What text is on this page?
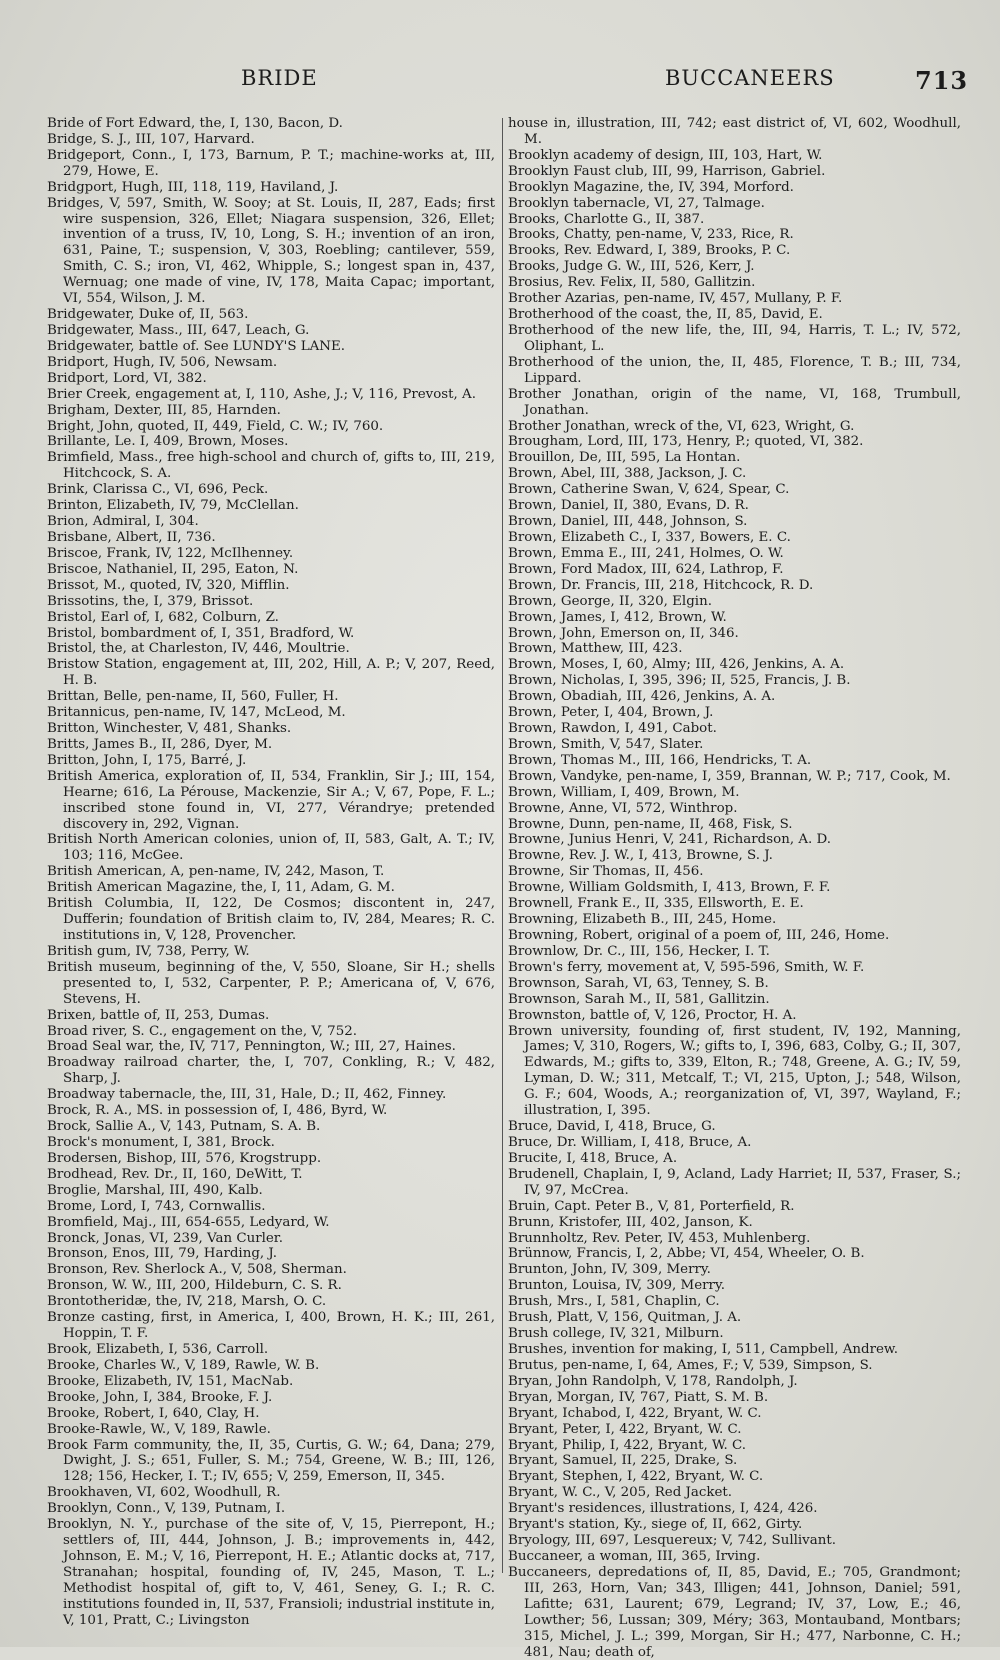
BRIDE	BUCCANEERS	713

Bride of Fort Edward, the, I, 130, Bacon, D.

Bridge, S. J., III, 107, Harvard.

Bridgeport, Conn., I, 173, Barnum, P. T.; machine-works at, III, 279, Howe, E.

Bridgport, Hugh, III, 118, 119, Haviland, J.

Bridges, V, 597, Smith, W. Sooy; at St. Louis, II, 287, Eads; first wire suspension, 326, Ellet; Niagara suspension, 326, Ellet; invention of a truss, IV, 10, Long, S. H.; invention of an iron, 631, Paine, T.; suspension, V, 303, Roebling; cantilever, 559, Smith, C. S.; iron, VI, 462, Whipple, S.; longest span in, 437, Wernuag; one made of vine, IV, 178, Maita Capac; important, VI, 554, Wilson, J. M.

Bridgewater, Duke of, II, 563.

Bridgewater, Mass., III, 647, Leach, G.

Bridgewater, battle of. See LUNDY'S LANE.

Bridport, Hugh, IV, 506, Newsam.

Bridport, Lord, VI, 382.

Brier Creek, engagement at, I, 110, Ashe, J.; V, 116, Prevost, A.

Brigham, Dexter, III, 85, Harnden.

Bright, John, quoted, II, 449, Field, C. W.; IV, 760.

Brillante, Le. I, 409, Brown, Moses.

Brimfield, Mass., free high-school and church of, gifts to, III, 219, Hitchcock, S. A.

Brink, Clarissa C., VI, 696, Peck.

Brinton, Elizabeth, IV, 79, McClellan.

Brion, Admiral, I, 304.

Brisbane, Albert, II, 736.

Briscoe, Frank, IV, 122, McIlhenney.

Briscoe, Nathaniel, II, 295, Eaton, N.

Brissot, M., quoted, IV, 320, Mifflin.

Brissotins, the, I, 379, Brissot.

Bristol, Earl of, I, 682, Colburn, Z.

Bristol, bombardment of, I, 351, Bradford, W.

Bristol, the, at Charleston, IV, 446, Moultrie.

Bristow Station, engagement at, III, 202, Hill, A. P.; V, 207, Reed, H. B.

Brittan, Belle, pen-name, II, 560, Fuller, H.

Britannicus, pen-name, IV, 147, McLeod, M.

Britton, Winchester, V, 481, Shanks.

Britts, James B., II, 286, Dyer, M.

Britton, John, I, 175, Barré, J.

British America, exploration of, II, 534, Franklin, Sir J.; III, 154, Hearne; 616, La Pérouse, Mackenzie, Sir A.; V, 67, Pope, F. L.; inscribed stone found in, VI, 277, Vérandrye; pretended discovery in, 292, Vignan.

British North American colonies, union of, II, 583, Galt, A. T.; IV, 103; 116, McGee.

British American, A, pen-name, IV, 242, Mason, T.

British American Magazine, the, I, 11, Adam, G. M.

British Columbia, II, 122, De Cosmos; discontent in, 247, Dufferin; foundation of British claim to, IV, 284, Meares; R. C. institutions in, V, 128, Provencher.

British gum, IV, 738, Perry, W.

British museum, beginning of the, V, 550, Sloane, Sir H.; shells presented to, I, 532, Carpenter, P. P.; Americana of, V, 676, Stevens, H.

Brixen, battle of, II, 253, Dumas.

Broad river, S. C., engagement on the, V, 752.

Broad Seal war, the, IV, 717, Pennington, W.; III, 27, Haines.

Broadway railroad charter, the, I, 707, Conkling, R.; V, 482, Sharp, J.

Broadway tabernacle, the, III, 31, Hale, D.; II, 462, Finney.

Brock, R. A., MS. in possession of, I, 486, Byrd, W.

Brock, Sallie A., V, 143, Putnam, S. A. B.

Brock's monument, I, 381, Brock.

Brodersen, Bishop, III, 576, Krogstrupp.

Brodhead, Rev. Dr., II, 160, DeWitt, T.

Broglie, Marshal, III, 490, Kalb.

Brome, Lord, I, 743, Cornwallis.

Bromfield, Maj., III, 654-655, Ledyard, W.

Bronck, Jonas, VI, 239, Van Curler.

Bronson, Enos, III, 79, Harding, J.

Bronson, Rev. Sherlock A., V, 508, Sherman.

Bronson, W. W., III, 200, Hildeburn, C. S. R.

Brontotheridæ, the, IV, 218, Marsh, O. C.

Bronze casting, first, in America, I, 400, Brown, H. K.; III, 261, Hoppin, T. F.

Brook, Elizabeth, I, 536, Carroll.

Brooke, Charles W., V, 189, Rawle, W. B.

Brooke, Elizabeth, IV, 151, MacNab.

Brooke, John, I, 384, Brooke, F. J.

Brooke, Robert, I, 640, Clay, H.

Brooke-Rawle, W., V, 189, Rawle.

Brook Farm community, the, II, 35, Curtis, G. W.; 64, Dana; 279, Dwight, J. S.; 651, Fuller, S. M.; 754, Greene, W. B.; III, 126, 128; 156, Hecker, I. T.; IV, 655; V, 259, Emerson, II, 345.

Brookhaven, VI, 602, Woodhull, R.

Brooklyn, Conn., V, 139, Putnam, I.

Brooklyn, N. Y., purchase of the site of, V, 15, Pierrepont, H.; settlers of, III, 444, Johnson, J. B.; improvements in, 442, Johnson, E. M.; V, 16, Pierrepont, H. E.; Atlantic docks at, 717, Stranahan; hospital, founding of, IV, 245, Mason, T. L.; Methodist hospital of, gift to, V, 461, Seney, G. I.; R. C. institutions founded in, II, 537, Fransioli; industrial institute in, V, 101, Pratt, C.; Livingston

house in, illustration, III, 742; east district of, VI, 602, Woodhull, M.

Brooklyn academy of design, III, 103, Hart, W.

Brooklyn Faust club, III, 99, Harrison, Gabriel.

Brooklyn Magazine, the, IV, 394, Morford.

Brooklyn tabernacle, VI, 27, Talmage.

Brooks, Charlotte G., II, 387.

Brooks, Chatty, pen-name, V, 233, Rice, R.

Brooks, Rev. Edward, I, 389, Brooks, P. C.

Brooks, Judge G. W., III, 526, Kerr, J.

Brosius, Rev. Felix, II, 580, Gallitzin.

Brother Azarias, pen-name, IV, 457, Mullany, P. F.

Brotherhood of the coast, the, II, 85, David, E.

Brotherhood of the new life, the, III, 94, Harris, T. L.; IV, 572, Oliphant, L.

Brotherhood of the union, the, II, 485, Florence, T. B.; III, 734, Lippard.

Brother Jonathan, origin of the name, VI, 168, Trumbull, Jonathan.

Brother Jonathan, wreck of the, VI, 623, Wright, G.

Brougham, Lord, III, 173, Henry, P.; quoted, VI, 382.

Brouillon, De, III, 595, La Hontan.

Brown, Abel, III, 388, Jackson, J. C.

Brown, Catherine Swan, V, 624, Spear, C.

Brown, Daniel, II, 380, Evans, D. R.

Brown, Daniel, III, 448, Johnson, S.

Brown, Elizabeth C., I, 337, Bowers, E. C.

Brown, Emma E., III, 241, Holmes, O. W.

Brown, Ford Madox, III, 624, Lathrop, F.

Brown, Dr. Francis, III, 218, Hitchcock, R. D.

Brown, George, II, 320, Elgin.

Brown, James, I, 412, Brown, W.

Brown, John, Emerson on, II, 346.

Brown, Matthew, III, 423.

Brown, Moses, I, 60, Almy; III, 426, Jenkins, A. A.

Brown, Nicholas, I, 395, 396; II, 525, Francis, J. B.

Brown, Obadiah, III, 426, Jenkins, A. A.

Brown, Peter, I, 404, Brown, J.

Brown, Rawdon, I, 491, Cabot.

Brown, Smith, V, 547, Slater.

Brown, Thomas M., III, 166, Hendricks, T. A.

Brown, Vandyke, pen-name, I, 359, Brannan, W. P.; 717, Cook, M.

Brown, William, I, 409, Brown, M.

Browne, Anne, VI, 572, Winthrop.

Browne, Dunn, pen-name, II, 468, Fisk, S.

Browne, Junius Henri, V, 241, Richardson, A. D.

Browne, Rev. J. W., I, 413, Browne, S. J.

Browne, Sir Thomas, II, 456.

Browne, William Goldsmith, I, 413, Brown, F. F.

Brownell, Frank E., II, 335, Ellsworth, E. E.

Browning, Elizabeth B., III, 245, Home.

Browning, Robert, original of a poem of, III, 246, Home.

Brownlow, Dr. C., III, 156, Hecker, I. T.

Brown's ferry, movement at, V, 595-596, Smith, W. F.

Brownson, Sarah, VI, 63, Tenney, S. B.

Brownson, Sarah M., II, 581, Gallitzin.

Brownston, battle of, V, 126, Proctor, H. A.

Brown university, founding of, first student, IV, 192, Manning, James; V, 310, Rogers, W.; gifts to, I, 396, 683, Colby, G.; II, 307, Edwards, M.; gifts to, 339, Elton, R.; 748, Greene, A. G.; IV, 59, Lyman, D. W.; 311, Metcalf, T.; VI, 215, Upton, J.; 548, Wilson, G. F.; 604, Woods, A.; reorganization of, VI, 397, Wayland, F.; illustration, I, 395.

Bruce, David, I, 418, Bruce, G.

Bruce, Dr. William, I, 418, Bruce, A.

Brucite, I, 418, Bruce, A.

Brudenell, Chaplain, I, 9, Acland, Lady Harriet; II, 537, Fraser, S.; IV, 97, McCrea.

Bruin, Capt. Peter B., V, 81, Porterfield, R.

Brunn, Kristofer, III, 402, Janson, K.

Brunnholtz, Rev. Peter, IV, 453, Muhlenberg.

Brünnow, Francis, I, 2, Abbe; VI, 454, Wheeler, O. B.

Brunton, John, IV, 309, Merry.

Brunton, Louisa, IV, 309, Merry.

Brush, Mrs., I, 581, Chaplin, C.

Brush, Platt, V, 156, Quitman, J. A.

Brush college, IV, 321, Milburn.

Brushes, invention for making, I, 511, Campbell, Andrew.

Brutus, pen-name, I, 64, Ames, F.; V, 539, Simpson, S.

Bryan, John Randolph, V, 178, Randolph, J.

Bryan, Morgan, IV, 767, Piatt, S. M. B.

Bryant, Ichabod, I, 422, Bryant, W. C.

Bryant, Peter, I, 422, Bryant, W. C.

Bryant, Philip, I, 422, Bryant, W. C.

Bryant, Samuel, II, 225, Drake, S.

Bryant, Stephen, I, 422, Bryant, W. C.

Bryant, W. C., V, 205, Red Jacket.

Bryant's residences, illustrations, I, 424, 426.

Bryant's station, Ky., siege of, II, 662, Girty.

Bryology, III, 697, Lesquereux; V, 742, Sullivant.

Buccaneer, a woman, III, 365, Irving.

Buccaneers, depredations of, II, 85, David, E.; 705, Grandmont; III, 263, Horn, Van; 343, Illigen; 441, Johnson, Daniel; 591, Lafitte; 631, Laurent; 679, Legrand; IV, 37, Low, E.; 46, Lowther; 56, Lussan; 309, Méry; 363, Montauband, Montbars; 315, Michel, J. L.; 399, Morgan, Sir H.; 477, Narbonne, C. H.; 481, Nau; death of,
